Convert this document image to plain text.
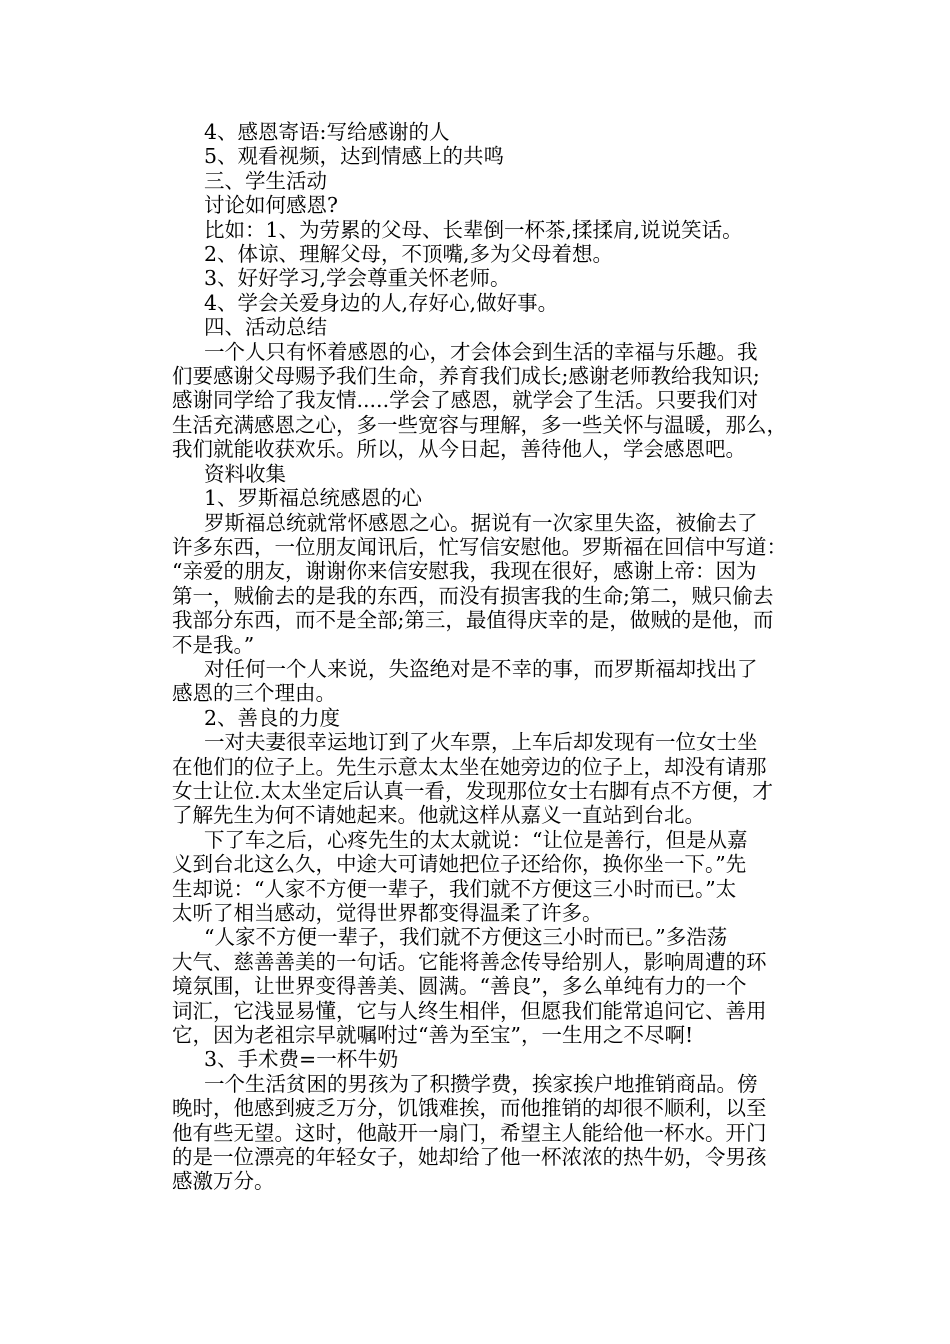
4、感恩寄语:写给感谢的人
5、观看视频，达到情感上的共鸣
三、学生活动
讨论如何感恩?
比如：1、为劳累的父母、长辈倒一杯茶,揉揉肩,说说笑话。
2、体谅、理解父母，不顶嘴,多为父母着想。
3、好好学习,学会尊重关怀老师。
4、学会关爱身边的人,存好心,做好事。
四、活动总结
一个人只有怀着感恩的心，才会体会到生活的幸福与乐趣。我
们要感谢父母赐予我们生命，养育我们成长;感谢老师教给我知识;
感谢同学给了我友情.....学会了感恩，就学会了生活。只要我们对
生活充满感恩之心，多一些宽容与理解，多一些关怀与温暖，那么，
我们就能收获欢乐。所以，从今日起，善待他人，学会感恩吧。
资料收集
1、罗斯福总统感恩的心
罗斯福总统就常怀感恩之心。据说有一次家里失盗，被偷去了
许多东西，一位朋友闻讯后，忙写信安慰他。罗斯福在回信中写道：
“亲爱的朋友，谢谢你来信安慰我，我现在很好，感谢上帝：因为
第一，贼偷去的是我的东西，而没有损害我的生命;第二，贼只偷去
我部分东西，而不是全部;第三，最值得庆幸的是，做贼的是他，而
不是我。”
对任何一个人来说，失盗绝对是不幸的事，而罗斯福却找出了
感恩的三个理由。
2、善良的力度
一对夫妻很幸运地订到了火车票，上车后却发现有一位女士坐
在他们的位子上。先生示意太太坐在她旁边的位子上，却没有请那
女士让位.太太坐定后认真一看，发现那位女士右脚有点不方便，才
了解先生为何不请她起来。他就这样从嘉义一直站到台北。
下了车之后，心疼先生的太太就说：“让位是善行，但是从嘉
义到台北这么久，中途大可请她把位子还给你，换你坐一下。”先
生却说：“人家不方便一辈子，我们就不方便这三小时而已。”太
太听了相当感动，觉得世界都变得温柔了许多。
“人家不方便一辈子，我们就不方便这三小时而已。”多浩荡
大气、慈善善美的一句话。它能将善念传导给别人，影响周遭的环
境氛围，让世界变得善美、圆满。“善良”，多么单纯有力的一个
词汇，它浅显易懂，它与人终生相伴，但愿我们能常追问它、善用
它，因为老祖宗早就嘱咐过“善为至宝”，一生用之不尽啊!
3、手术费=一杯牛奶
一个生活贫困的男孩为了积攒学费，挨家挨户地推销商品。傍
晚时，他感到疲乏万分，饥饿难挨，而他推销的却很不顺利，以至
他有些无望。这时，他敲开一扇门，希望主人能给他一杯水。开门
的是一位漂亮的年轻女子，她却给了他一杯浓浓的热牛奶，令男孩
感激万分。
